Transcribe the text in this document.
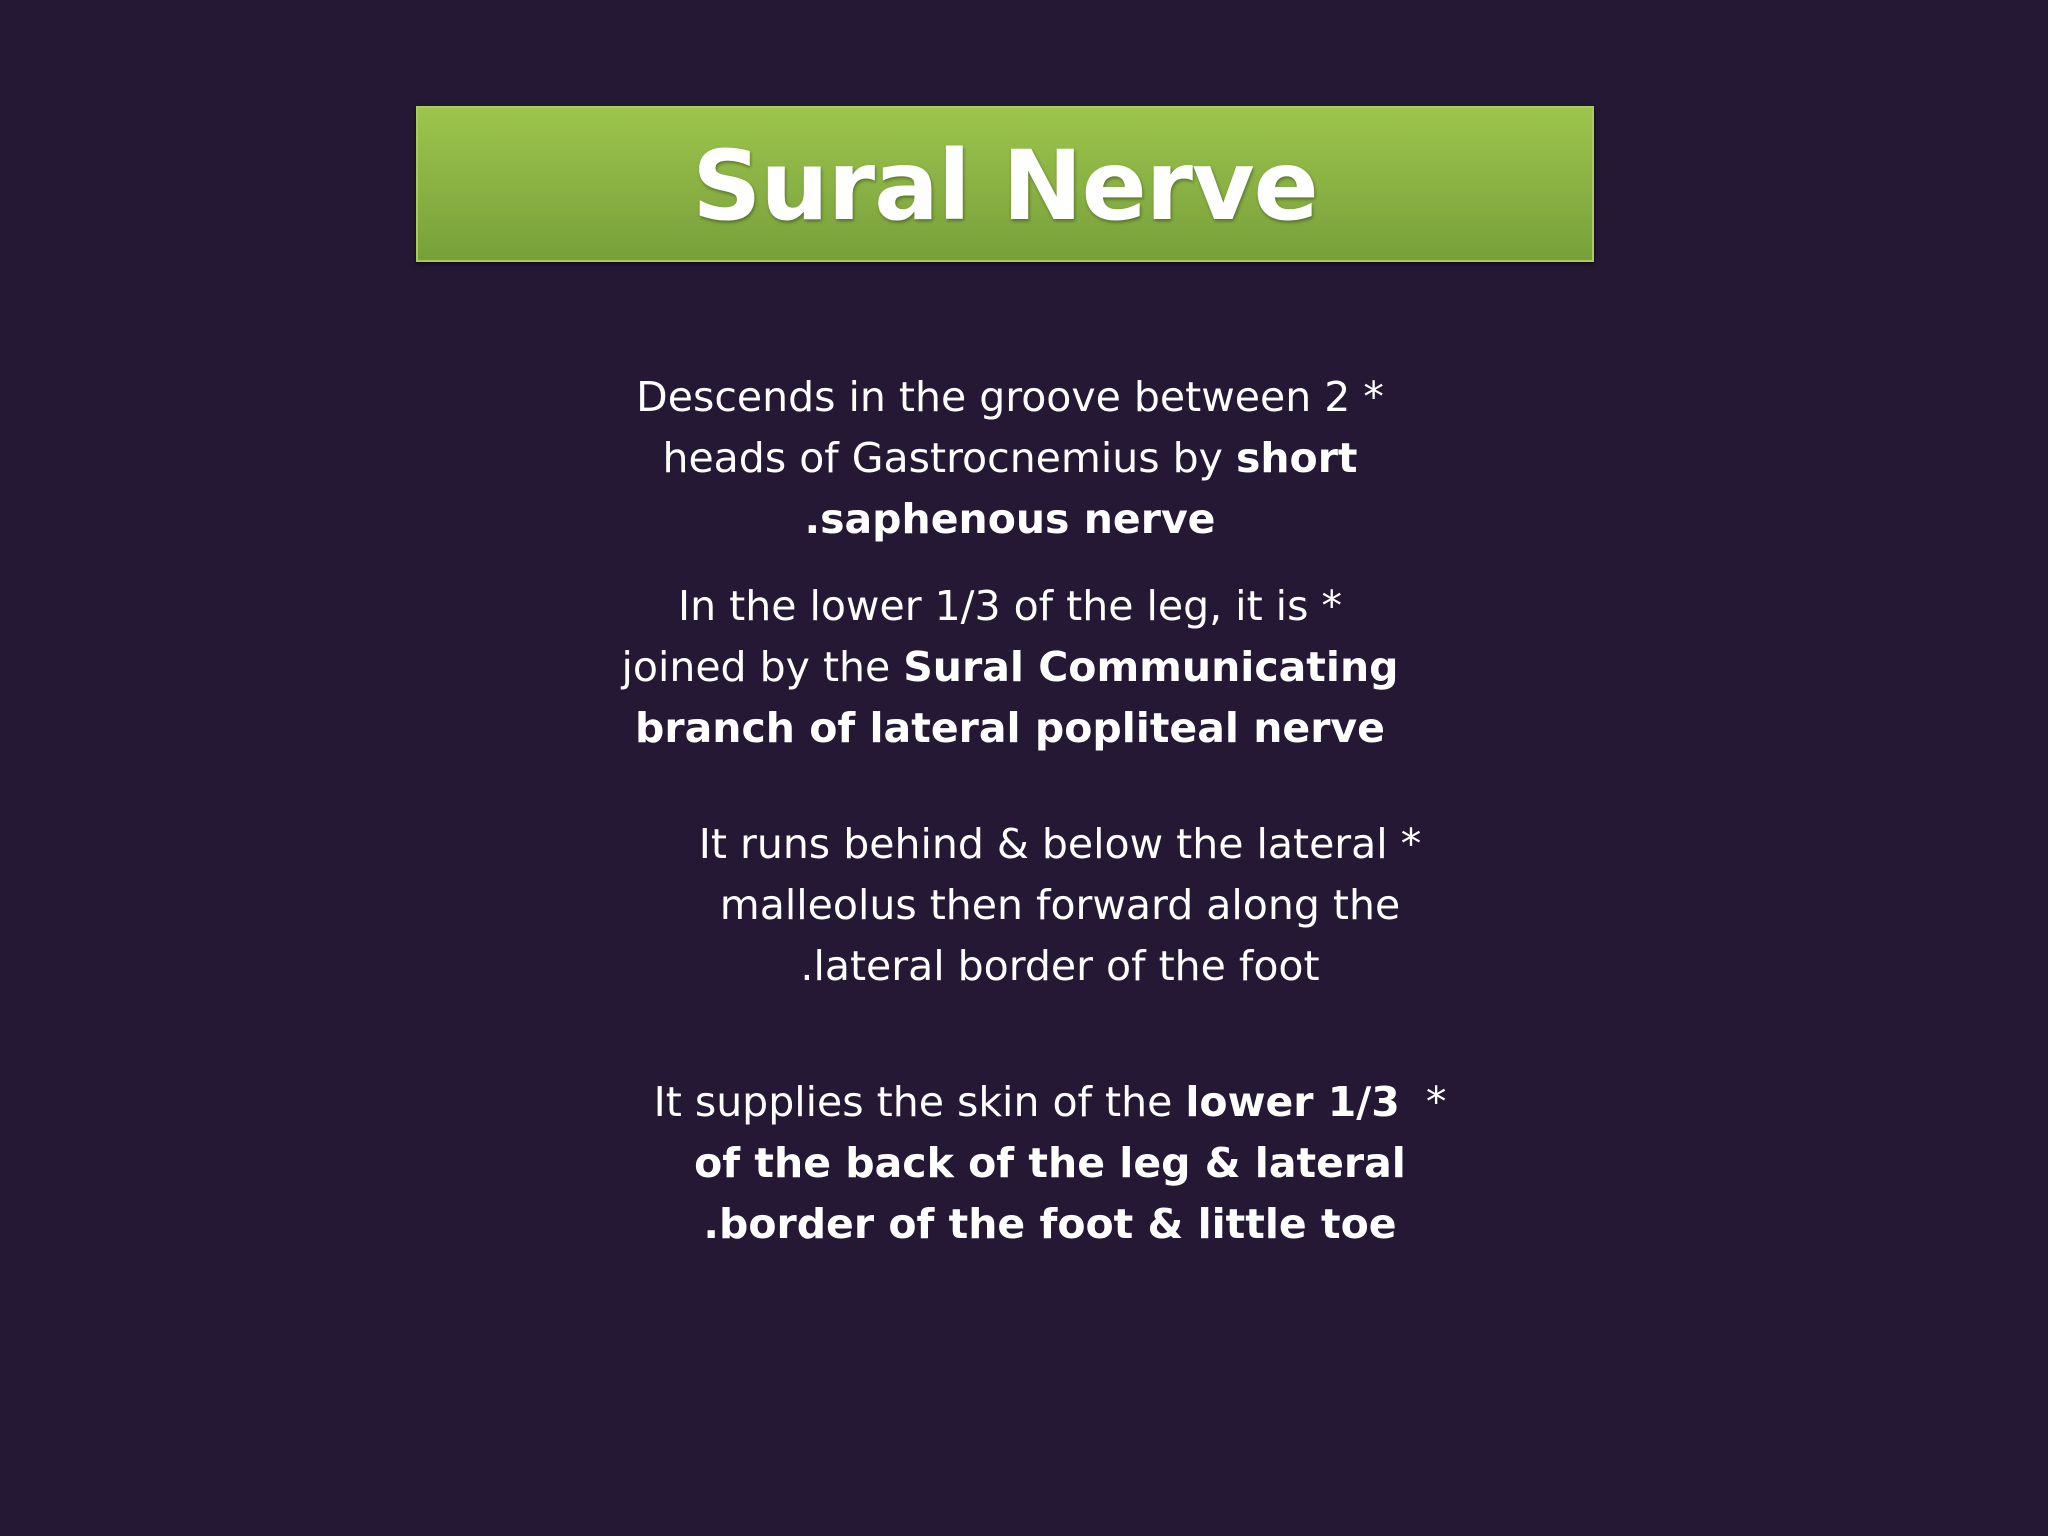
Sural Nerve
Descends in the groove between 2 *
heads of Gastrocnemius by short
.saphenous nerve
In the lower 1/3 of the leg, it is *
joined by the Sural Communicating
branch of lateral popliteal nerve
It runs behind & below the lateral *
malleolus then forward along the
.lateral border of the foot
It supplies the skin of the lower 1/3  *
of the back of the leg & lateral
.border of the foot & little toe
